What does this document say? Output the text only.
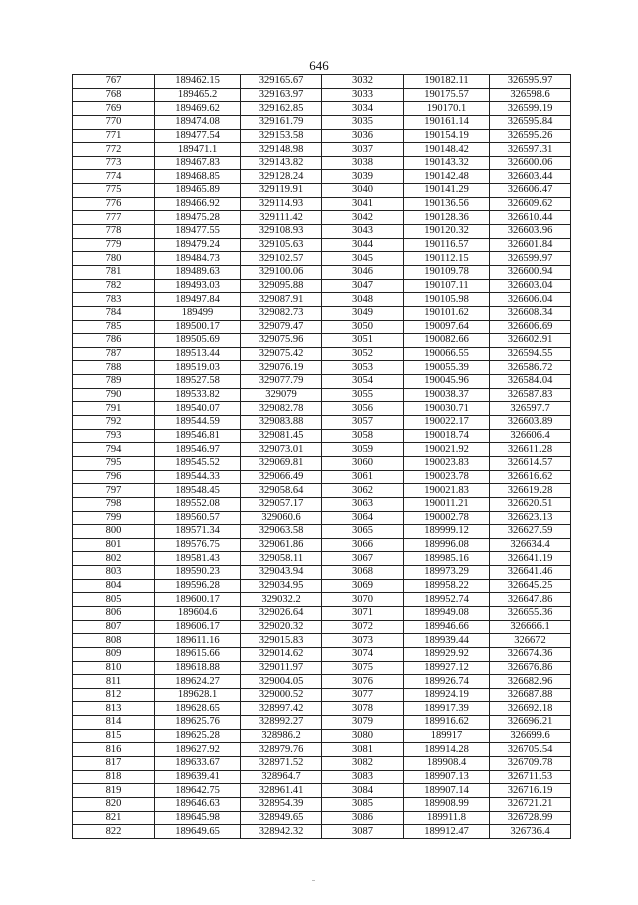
646
767	189462.15	329165.67	3032	190182.11	326595.97
768	189465.2	329163.97	3033	190175.57	326598.6
769	189469.62	329162.85	3034	190170.1	326599.19
770	189474.08	329161.79	3035	190161.14	326595.84
771	189477.54	329153.58	3036	190154.19	326595.26
772	189471.1	329148.98	3037	190148.42	326597.31
773	189467.83	329143.82	3038	190143.32	326600.06
774	189468.85	329128.24	3039	190142.48	326603.44
775	189465.89	329119.91	3040	190141.29	326606.47
776	189466.92	329114.93	3041	190136.56	326609.62
777	189475.28	329111.42	3042	190128.36	326610.44
778	189477.55	329108.93	3043	190120.32	326603.96
779	189479.24	329105.63	3044	190116.57	326601.84
780	189484.73	329102.57	3045	190112.15	326599.97
781	189489.63	329100.06	3046	190109.78	326600.94
782	189493.03	329095.88	3047	190107.11	326603.04
783	189497.84	329087.91	3048	190105.98	326606.04
784	189499	329082.73	3049	190101.62	326608.34
785	189500.17	329079.47	3050	190097.64	326606.69
786	189505.69	329075.96	3051	190082.66	326602.91
787	189513.44	329075.42	3052	190066.55	326594.55
788	189519.03	329076.19	3053	190055.39	326586.72
789	189527.58	329077.79	3054	190045.96	326584.04
790	189533.82	329079	3055	190038.37	326587.83
791	189540.07	329082.78	3056	190030.71	326597.7
792	189544.59	329083.88	3057	190022.17	326603.89
793	189546.81	329081.45	3058	190018.74	326606.4
794	189546.97	329073.01	3059	190021.92	326611.28
795	189545.52	329069.81	3060	190023.83	326614.57
796	189544.33	329066.49	3061	190023.78	326616.62
797	189548.45	329058.64	3062	190021.83	326619.28
798	189552.08	329057.17	3063	190011.21	326620.51
799	189560.57	329060.6	3064	190002.78	326623.13
800	189571.34	329063.58	3065	189999.12	326627.59
801	189576.75	329061.86	3066	189996.08	326634.4
802	189581.43	329058.11	3067	189985.16	326641.19
803	189590.23	329043.94	3068	189973.29	326641.46
804	189596.28	329034.95	3069	189958.22	326645.25
805	189600.17	329032.2	3070	189952.74	326647.86
806	189604.6	329026.64	3071	189949.08	326655.36
807	189606.17	329020.32	3072	189946.66	326666.1
808	189611.16	329015.83	3073	189939.44	326672
809	189615.66	329014.62	3074	189929.92	326674.36
810	189618.88	329011.97	3075	189927.12	326676.86
811	189624.27	329004.05	3076	189926.74	326682.96
812	189628.1	329000.52	3077	189924.19	326687.88
813	189628.65	328997.42	3078	189917.39	326692.18
814	189625.76	328992.27	3079	189916.62	326696.21
815	189625.28	328986.2	3080	189917	326699.6
816	189627.92	328979.76	3081	189914.28	326705.54
817	189633.67	328971.52	3082	189908.4	326709.78
818	189639.41	328964.7	3083	189907.13	326711.53
819	189642.75	328961.41	3084	189907.14	326716.19
820	189646.63	328954.39	3085	189908.99	326721.21
821	189645.98	328949.65	3086	189911.8	326728.99
822	189649.65	328942.32	3087	189912.47	326736.4
